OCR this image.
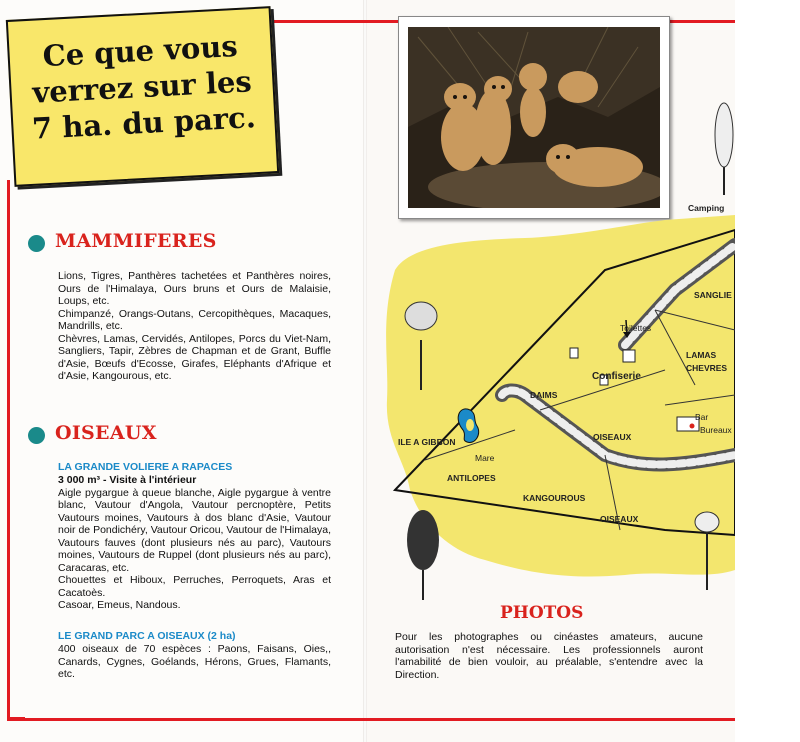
Ce que vous
verrez sur les
7 ha. du parc.
MAMMIFERES

Lions, Tigres, Panthères tachetées et Panthères noires, Ours de l'Himalaya, Ours bruns et Ours de Malaisie, Loups, etc.

Chimpanzé, Orangs-Outans, Cercopithèques, Macaques, Mandrills, etc.

Chèvres, Lamas, Cervidés, Antilopes, Porcs du Viet-Nam, Sangliers, Tapir, Zèbres de Chapman et de Grant, Buffle d'Asie, Bœufs d'Ecosse, Girafes, Eléphants d'Afrique et d'Asie, Kangourous, etc.

OISEAUX
LA GRANDE VOLIERE A RAPACES

3 000 m³ - Visite à l'intérieur

Aigle pygargue à queue blanche, Aigle pygargue à ventre blanc, Vautour d'Angola, Vautour percnoptère, Petits Vautours moines, Vautours à dos blanc d'Asie, Vautour noir de Pondichéry, Vautour Oricou, Vautour de l'Himalaya, Vautours fauves (dont plusieurs nés au parc), Vautours moines, Vautours de Ruppel (dont plusieurs nés au parc), Caracaras, etc.

Chouettes et Hiboux, Perruches, Perroquets, Aras et Cacatoès.

Casoar, Emeus, Nandous.

LE GRAND PARC A OISEAUX (2 ha)

400 oiseaux de 70 espèces : Paons, Faisans, Oies,, Canards, Cygnes, Goélands, Hérons, Grues, Flamants, etc.

Camping
SANGLIE
Toilettes
LAMAS
CHEVRES
Confiserie
DAIMS
Bar
Bureaux
OISEAUX
ILE A GIBBON
Mare
ANTILOPES
KANGOUROUS
OISEAUX
PHOTOS
Pour les photographes ou cinéastes amateurs, aucune autorisation n'est nécessaire. Les professionnels auront l'amabilité de bien vouloir, au préalable, s'entendre avec la Direction.
